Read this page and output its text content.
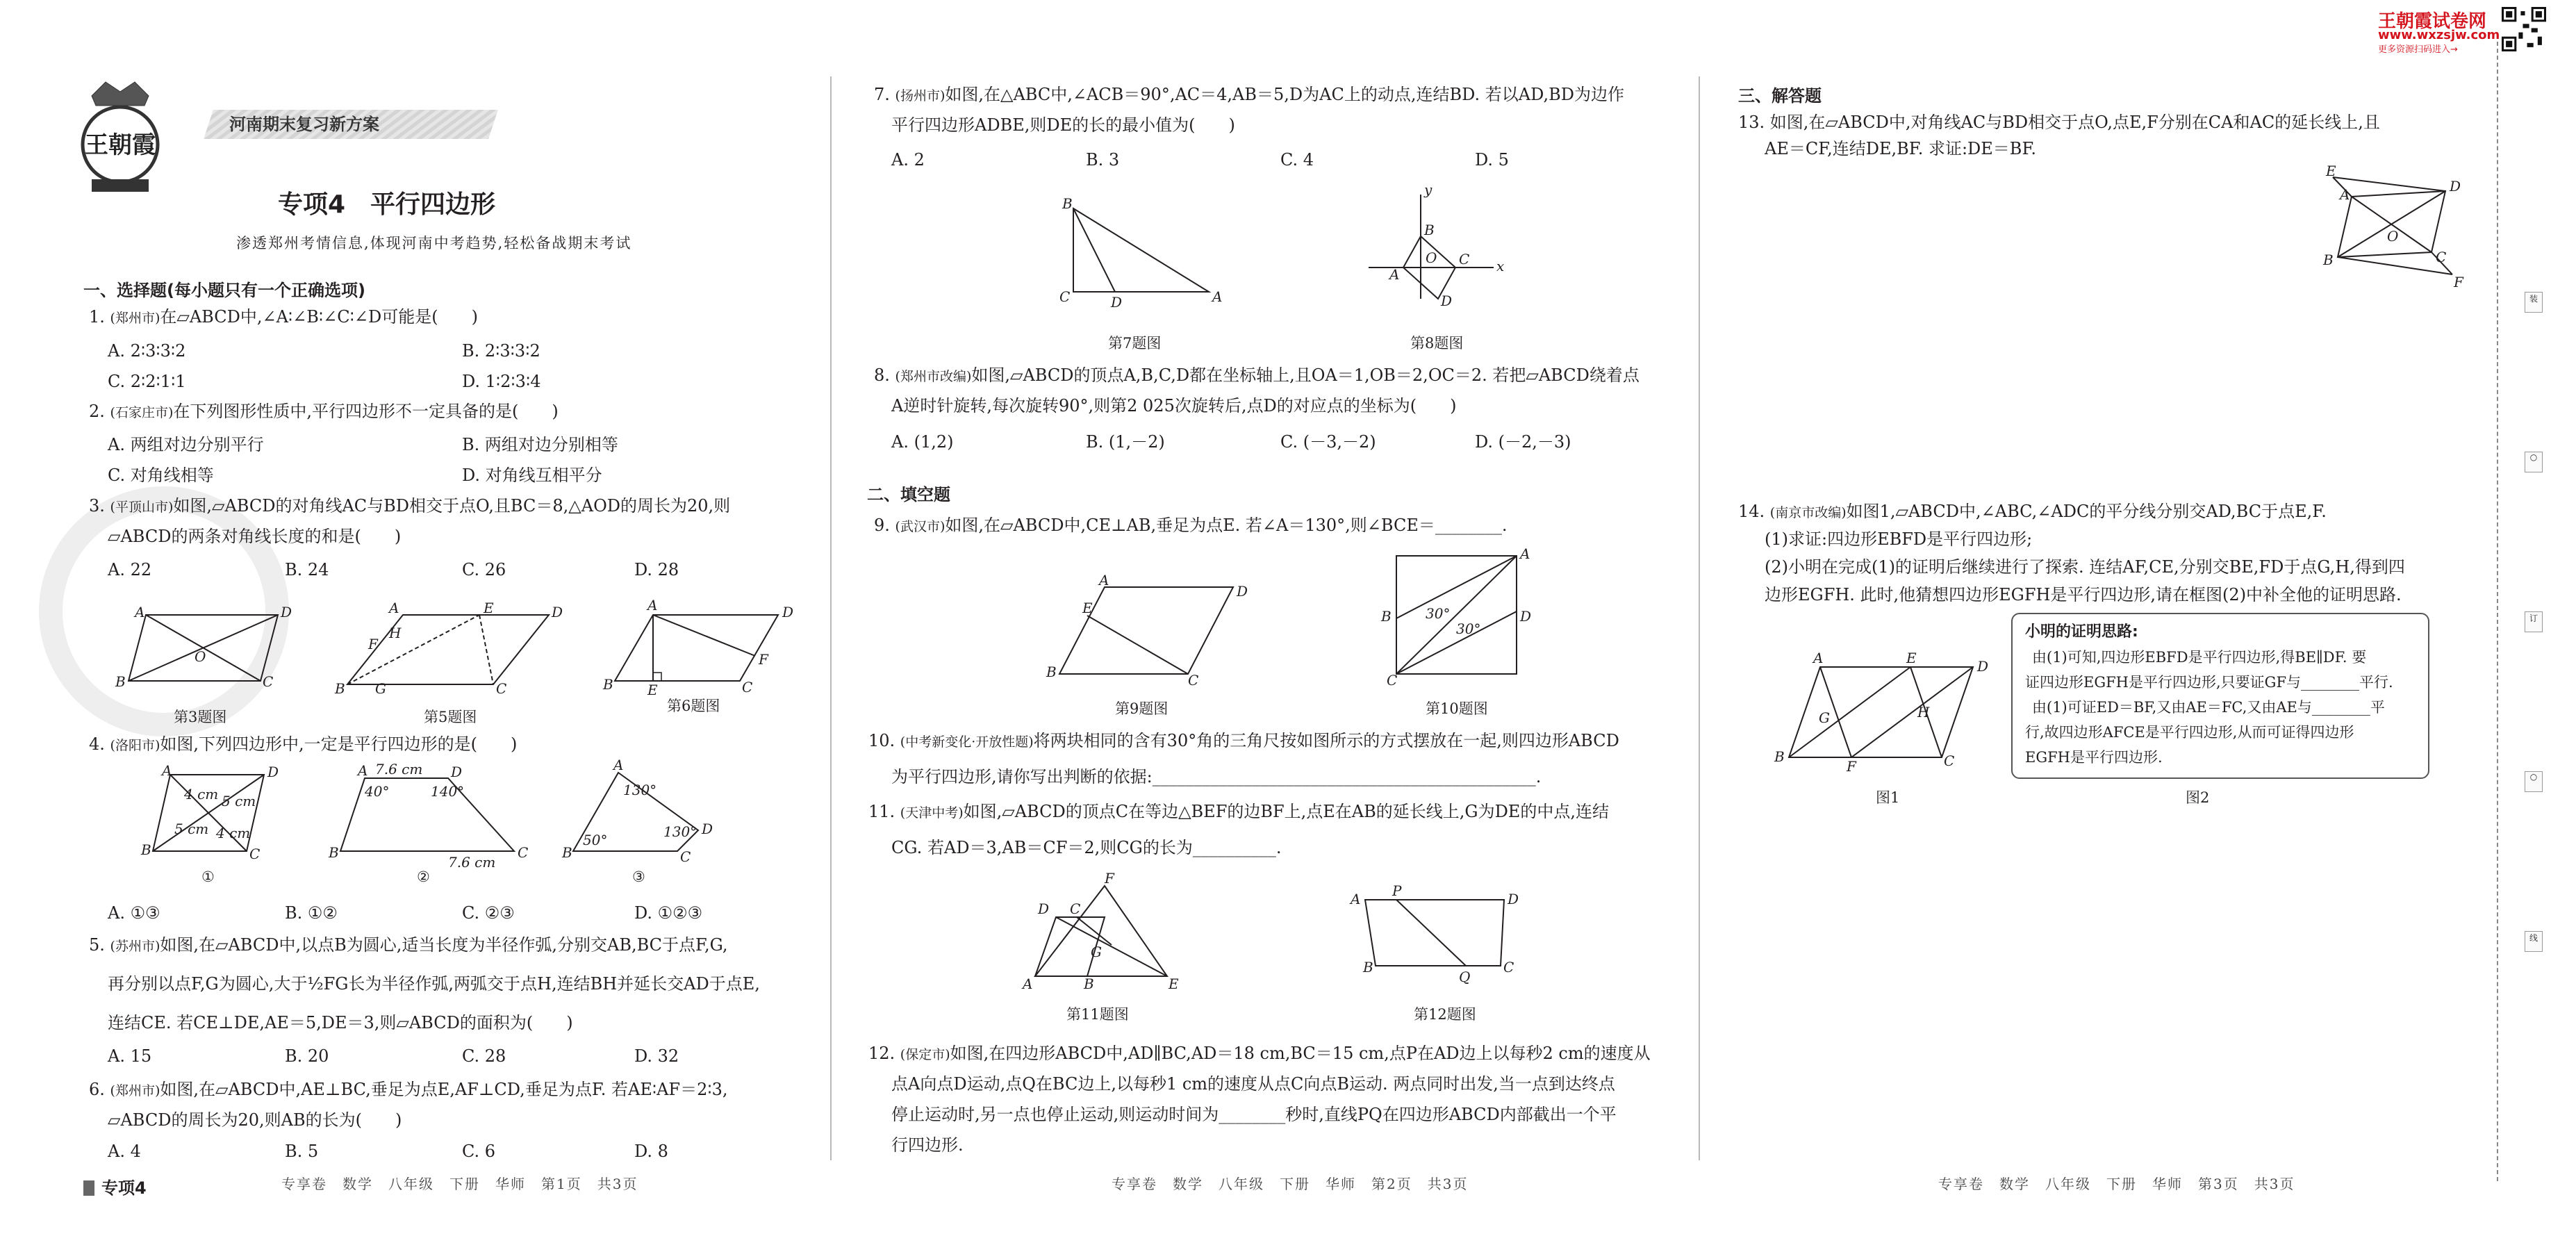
装
○
订
○
线
王朝霞试卷网
www.wxzsjw.com
更多资源扫码进入→
王朝霞
河南期末复习新方案
专项4　平行四边形
渗透郑州考情信息,体现河南中考趋势,轻松备战期末考试
一、选择题(每小题只有一个正确选项)
1. (郑州市)在▱ABCD中,∠A∶∠B∶∠C∶∠D可能是(　　)
A. 2∶3∶3∶2	B. 2∶3∶3∶2
C. 2∶2∶1∶1	D. 1∶2∶3∶4
2. (石家庄市)在下列图形性质中,平行四边形不一定具备的是(　　)
A. 两组对边分别平行	B. 两组对边分别相等
C. 对角线相等	D. 对角线互相平分
3. (平顶山市)如图,▱ABCD的对角线AC与BD相交于点O,且BC＝8,△AOD的周长为20,则
▱ABCD的两条对角线长度的和是(　　)
A. 22	B. 24	C. 26	D. 28
A	D
B	C
O
第3题图
A	E	D
B	C
F
H
G
第5题图
A	D
B E	C
F
第6题图
4. (洛阳市)如图,下列四边形中,一定是平行四边形的是(　　)
A	D
B	C
4 cm 5 cm
5 cm 4 cm
A	D
B	C
7.6 cm
40°	140°
7.6 cm
A
D
B	C
130°
50°	130°
①	②	③
A. ①③	B. ①②	C. ②③	D. ①②③
5. (苏州市)如图,在▱ABCD中,以点B为圆心,适当长度为半径作弧,分别交AB,BC于点F,G,
再分别以点F,G为圆心,大于½FG长为半径作弧,两弧交于点H,连结BH并延长交AD于点E,
连结CE. 若CE⊥DE,AE＝5,DE＝3,则▱ABCD的面积为(　　)
A. 15	B. 20	C. 28	D. 32
6. (郑州市)如图,在▱ABCD中,AE⊥BC,垂足为点E,AF⊥CD,垂足为点F. 若AE∶AF＝2∶3,
▱ABCD的周长为20,则AB的长为(　　)
A. 4	B. 5	C. 6	D. 8
专项4	专享卷　数学　八年级　下册　华师　第1页　共3页
7. (扬州市)如图,在△ABC中,∠ACB＝90°,AC＝4,AB＝5,D为AC上的动点,连结BD. 若以AD,BD为边作
平行四边形ADBE,则DE的长的最小值为(　　)
A. 2	B. 3	C. 4	D. 5
B
C	D	A
第7题图
x
y
A
B
C
D
O
第8题图
8. (郑州市改编)如图,▱ABCD的顶点A,B,C,D都在坐标轴上,且OA＝1,OB＝2,OC＝2. 若把▱ABCD绕着点
A逆时针旋转,每次旋转90°,则第2 025次旋转后,点D的对应点的坐标为(　　)
A. (1,2)	B. (1,－2)	C. (－3,－2)	D. (－2,－3)
二、填空题
9. (武汉市)如图,在▱ABCD中,CE⊥AB,垂足为点E. 若∠A＝130°,则∠BCE＝________.
A
D
B	C
E
第9题图
A
B
C
D
30°
30°
第10题图
10. (中考新变化·开放性题)将两块相同的含有30°角的三角尺按如图所示的方式摆放在一起,则四边形ABCD
为平行四边形,请你写出判断的依据:______________________________________________.
11. (天津中考)如图,▱ABCD的顶点C在等边△BEF的边BF上,点E在AB的延长线上,G为DE的中点,连结
CG. 若AD＝3,AB＝CF＝2,则CG的长为__________.
D C
F
G
A	B	E
第11题图
A P	D
B
Q
C
第12题图
12. (保定市)如图,在四边形ABCD中,AD∥BC,AD＝18 cm,BC＝15 cm,点P在AD边上以每秒2 cm的速度从
点A向点D运动,点Q在BC边上,以每秒1 cm的速度从点C向点B运动. 两点同时出发,当一点到达终点
停止运动时,另一点也停止运动,则运动时间为________秒时,直线PQ在四边形ABCD内部截出一个平
行四边形.
专享卷　数学　八年级　下册　华师　第2页　共3页
三、解答题
13. 如图,在▱ABCD中,对角线AC与BD相交于点O,点E,F分别在CA和AC的延长线上,且
AE＝CF,连结DE,BF. 求证:DE＝BF.
E
A	D
B	C
F
O
14. (南京市改编)如图1,▱ABCD中,∠ABC,∠ADC的平分线分别交AD,BC于点E,F.
(1)求证:四边形EBFD是平行四边形;
(2)小明在完成(1)的证明后继续进行了探索. 连结AF,CE,分别交BE,FD于点G,H,得到四
边形EGFH. 此时,他猜想四边形EGFH是平行四边形,请在框图(2)中补全他的证明思路.
A	E	D
B
F	C
G	H
图1
小明的证明思路:
由(1)可知,四边形EBFD是平行四边形,得BE∥DF. 要
证四边形EGFH是平行四边形,只要证GF与________平行.
由(1)可证ED＝BF,又由AE＝FC,又由AE与________平
行,故四边形AFCE是平行四边形,从而可证得四边形
EGFH是平行四边形.
图2
专享卷　数学　八年级　下册　华师　第3页　共3页
